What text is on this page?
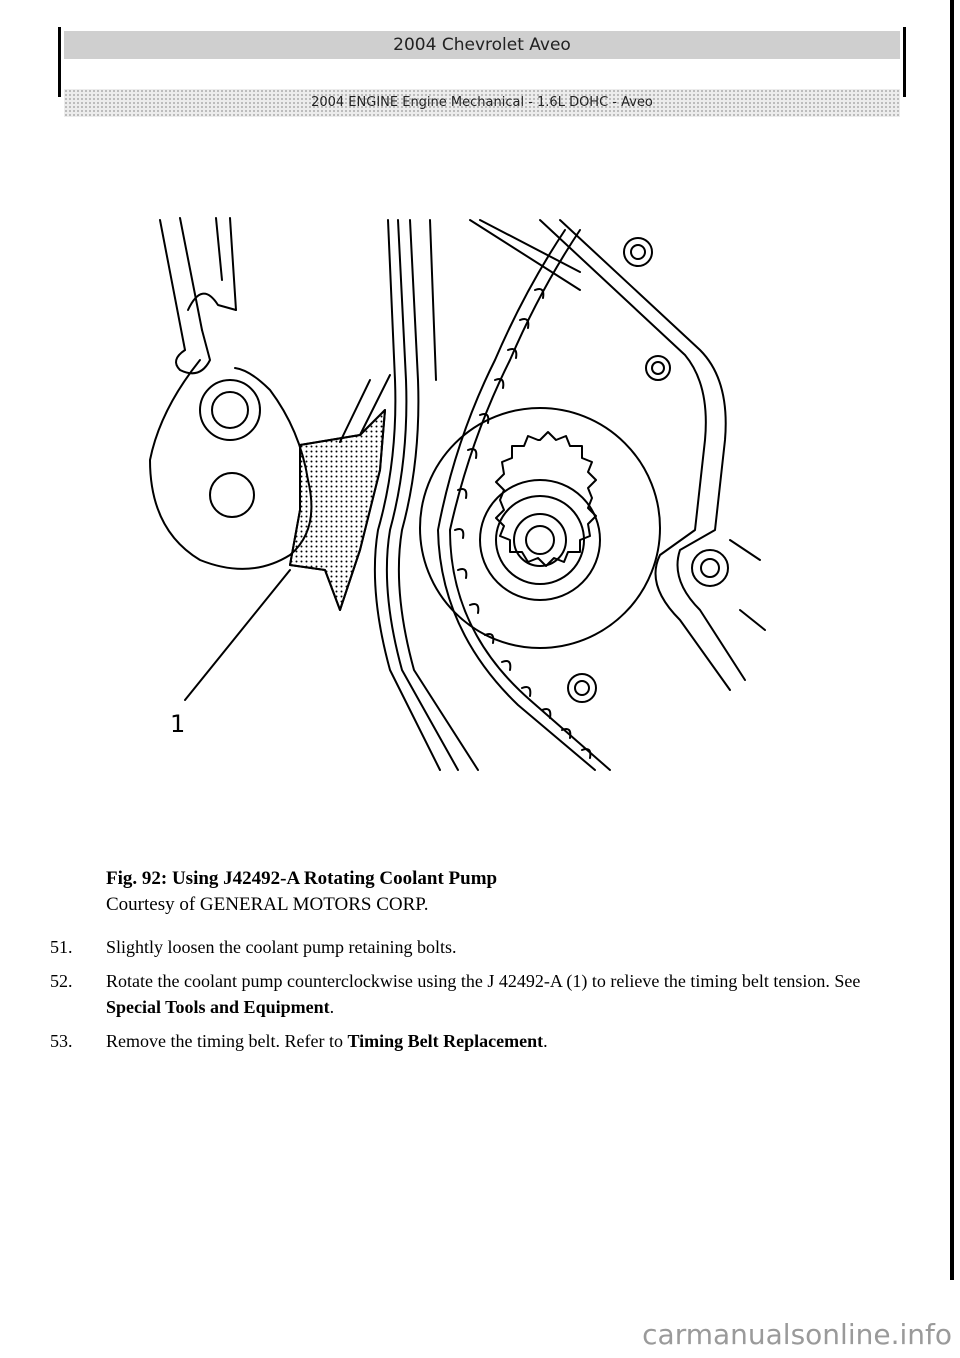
2004 Chevrolet Aveo
2004 ENGINE Engine Mechanical - 1.6L DOHC - Aveo
1
Fig. 92: Using J42492-A Rotating Coolant Pump
Courtesy of GENERAL MOTORS CORP.
51. Slightly loosen the coolant pump retaining bolts.
52. Rotate the coolant pump counterclockwise using the J 42492-A (1) to relieve the timing belt tension. See Special Tools and Equipment.
53. Remove the timing belt. Refer to Timing Belt Replacement.
carmanualsonline.info
